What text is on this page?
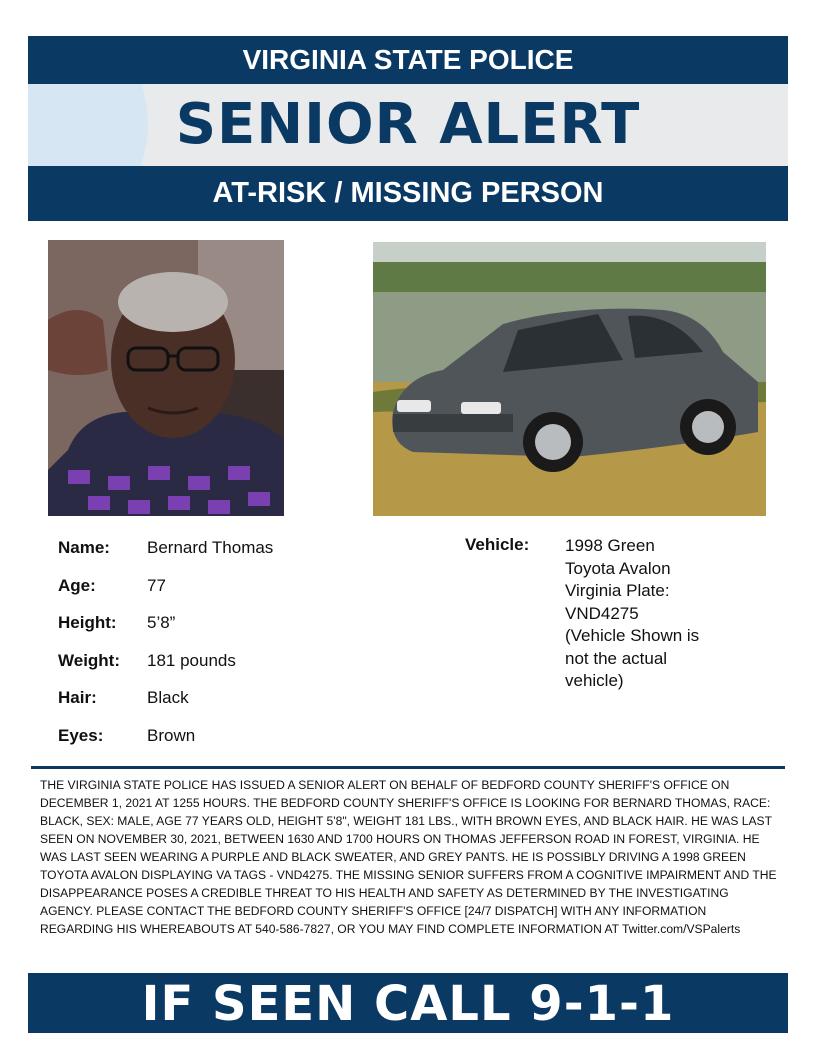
VIRGINIA STATE POLICE
SENIOR ALERT
AT-RISK / MISSING PERSON
Name: Bernard Thomas
Age:	77
Height: 5’8”
Weight: 181 pounds
Hair:	Black
Eyes:	Brown
Vehicle: 1998 Green
Toyota Avalon
Virginia Plate:
VND4275
(Vehicle Shown is
not the actual
vehicle)
THE VIRGINIA STATE POLICE HAS ISSUED A SENIOR ALERT ON BEHALF OF BEDFORD COUNTY SHERIFF'S OFFICE ON DECEMBER 1, 2021 AT 1255 HOURS. THE BEDFORD COUNTY SHERIFF'S OFFICE IS LOOKING FOR BERNARD THOMAS, RACE: BLACK, SEX: MALE, AGE 77 YEARS OLD, HEIGHT 5'8", WEIGHT 181 LBS., WITH BROWN EYES, AND BLACK HAIR. HE WAS LAST SEEN ON NOVEMBER 30, 2021, BETWEEN 1630 AND 1700 HOURS ON THOMAS JEFFERSON ROAD IN FOREST, VIRGINIA. HE WAS LAST SEEN WEARING A PURPLE AND BLACK SWEATER, AND GREY PANTS. HE IS POSSIBLY DRIVING A 1998 GREEN TOYOTA AVALON DISPLAYING VA TAGS - VND4275. THE MISSING SENIOR SUFFERS FROM A COGNITIVE IMPAIRMENT AND THE DISAPPEARANCE POSES A CREDIBLE THREAT TO HIS HEALTH AND SAFETY AS DETERMINED BY THE INVESTIGATING AGENCY. PLEASE CONTACT THE BEDFORD COUNTY SHERIFF'S OFFICE [24/7 DISPATCH] WITH ANY INFORMATION REGARDING HIS WHEREABOUTS AT 540-586-7827, OR YOU MAY FIND COMPLETE INFORMATION AT Twitter.com/VSPalerts
IF SEEN CALL 9-1-1
